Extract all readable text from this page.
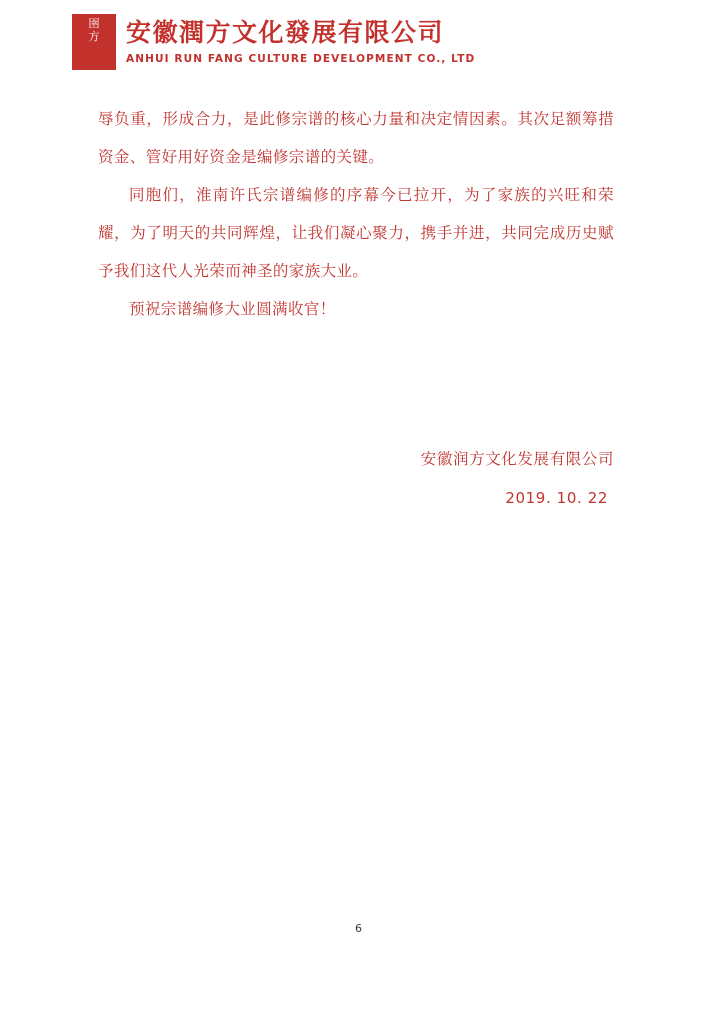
圉
方	安徽潤方文化發展有限公司
ANHUI RUN FANG CULTURE DEVELOPMENT CO., LTD

辱负重，形成合力，是此修宗谱的核心力量和决定情因素。其次足额筹措资金、管好用好资金是编修宗谱的关键。

同胞们，淮南许氏宗谱编修的序幕今已拉开，为了家族的兴旺和荣耀，为了明天的共同辉煌，让我们凝心聚力，携手并进，共同完成历史赋予我们这代人光荣而神圣的家族大业。

预祝宗谱编修大业圆满收官！

安徽润方文化发展有限公司
2019. 10. 22
6
